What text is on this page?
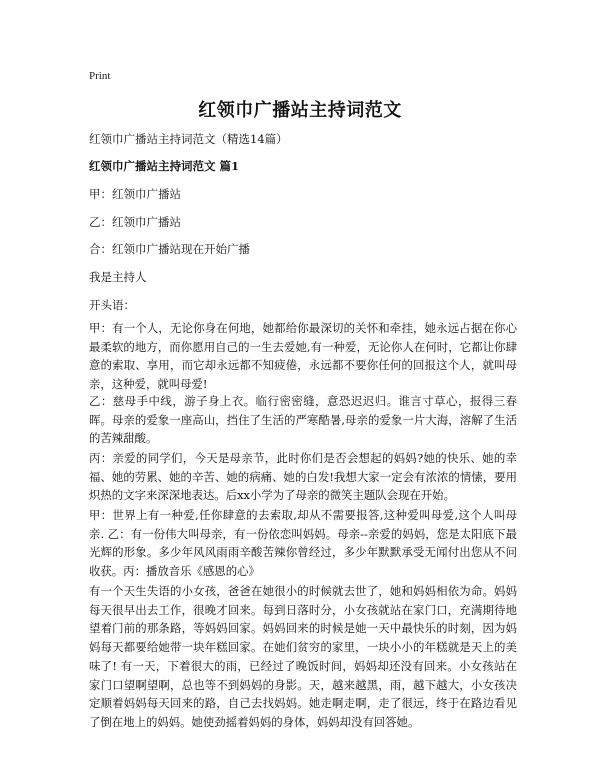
Print
红领巾广播站主持词范文
红领巾广播站主持词范文（精选14篇）
红领巾广播站主持词范文 篇1
甲：红领巾广播站
乙：红领巾广播站
合：红领巾广播站现在开始广播
我是主持人
开头语：
甲：有一个人，无论你身在何地，她都给你最深切的关怀和牵挂，她永远占据在你心最柔软的地方，而你愿用自己的一生去爱她,有一种爱，无论你人在何时，它都让你肆意的索取、享用，而它却永远都不知疲倦，永远都不要你任何的回报这个人，就叫母亲，这种爱，就叫母爱!
乙：慈母手中线，游子身上衣。临行密密缝，意恐迟迟归。谁言寸草心，报得三春晖。母亲的爱象一座高山，挡住了生活的严寒酷暑,母亲的爱象一片大海，溶解了生活的苦辣甜酸。
丙：亲爱的同学们，今天是母亲节，此时你们是否会想起的妈妈?她的快乐、她的幸福、她的劳累、她的辛苦、她的病痛、她的白发!我想大家一定会有浓浓的情愫，要用炽热的文字来深深地表达。后xx小学为了母亲的微笑主题队会现在开始。
甲：世界上有一种爱,任你肆意的去索取,却从不需要报答,这种爱叫母爱,这个人叫母亲. 乙：有一份伟大叫母亲，有一份依恋叫妈妈。母亲--亲爱的妈妈，您是太阳底下最光辉的形象。多少年风风雨雨辛酸苦辣你曾经过，多少年默默承受无闻付出您从不问收获。丙：播放音乐《感恩的心》
有一个天生失语的小女孩，爸爸在她很小的时候就去世了，她和妈妈相依为命。妈妈每天很早出去工作，很晚才回来。每到日落时分，小女孩就站在家门口，充满期待地望着门前的那条路，等妈妈回家。妈妈回来的时候是她一天中最快乐的时刻，因为妈妈每天都要给她带一块年糕回家。在她们贫穷的家里，一块小小的年糕就是天上的美味了! 有一天，下着很大的雨，已经过了晚饭时间，妈妈却还没有回来。小女孩站在家门口望啊望啊，总也等不到妈妈的身影。天，越来越黑，雨，越下越大，小女孩决定顺着妈妈每天回来的路，自己去找妈妈。她走啊走啊，走了很远，终于在路边看见了倒在地上的妈妈。她使劲摇着妈妈的身体，妈妈却没有回答她。
